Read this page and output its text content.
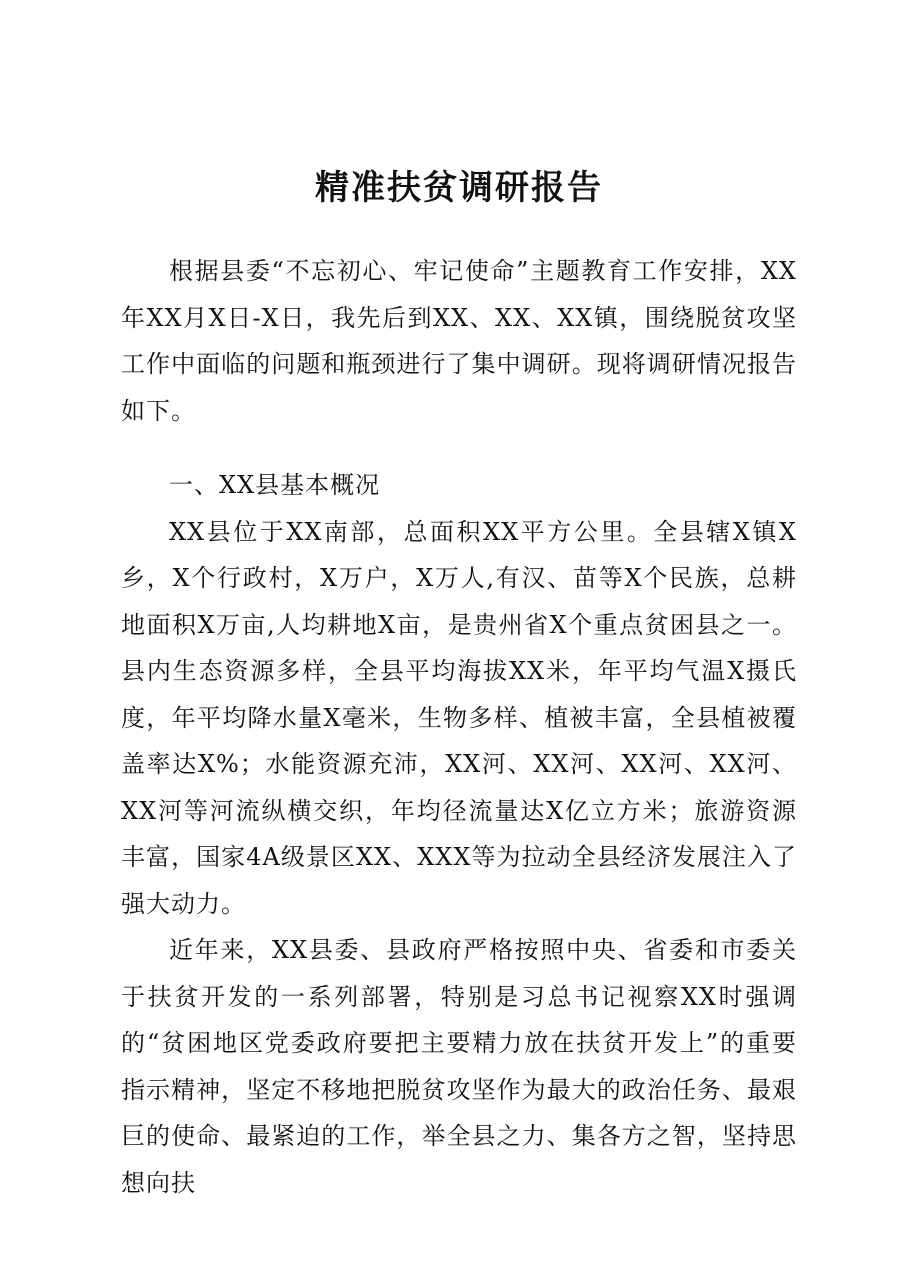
精准扶贫调研报告

根据县委“不忘初心、牢记使命”主题教育工作安排，XX年XX月X日-X日，我先后到XX、XX、XX镇，围绕脱贫攻坚工作中面临的问题和瓶颈进行了集中调研。现将调研情况报告如下。

一、XX县基本概况

XX县位于XX南部，总面积XX平方公里。全县辖X镇X乡，X个行政村，X万户，X万人,有汉、苗等X个民族，总耕地面积X万亩,人均耕地X亩，是贵州省X个重点贫困县之一。县内生态资源多样，全县平均海拔XX米，年平均气温X摄氏度，年平均降水量X毫米，生物多样、植被丰富，全县植被覆盖率达X%；水能资源充沛，XX河、XX河、XX河、XX河、XX河等河流纵横交织，年均径流量达X亿立方米；旅游资源丰富，国家4A级景区XX、XXX等为拉动全县经济发展注入了强大动力。

近年来，XX县委、县政府严格按照中央、省委和市委关于扶贫开发的一系列部署，特别是习总书记视察XX时强调的“贫困地区党委政府要把主要精力放在扶贫开发上”的重要指示精神，坚定不移地把脱贫攻坚作为最大的政治任务、最艰巨的使命、最紧迫的工作，举全县之力、集各方之智，坚持思想向扶
